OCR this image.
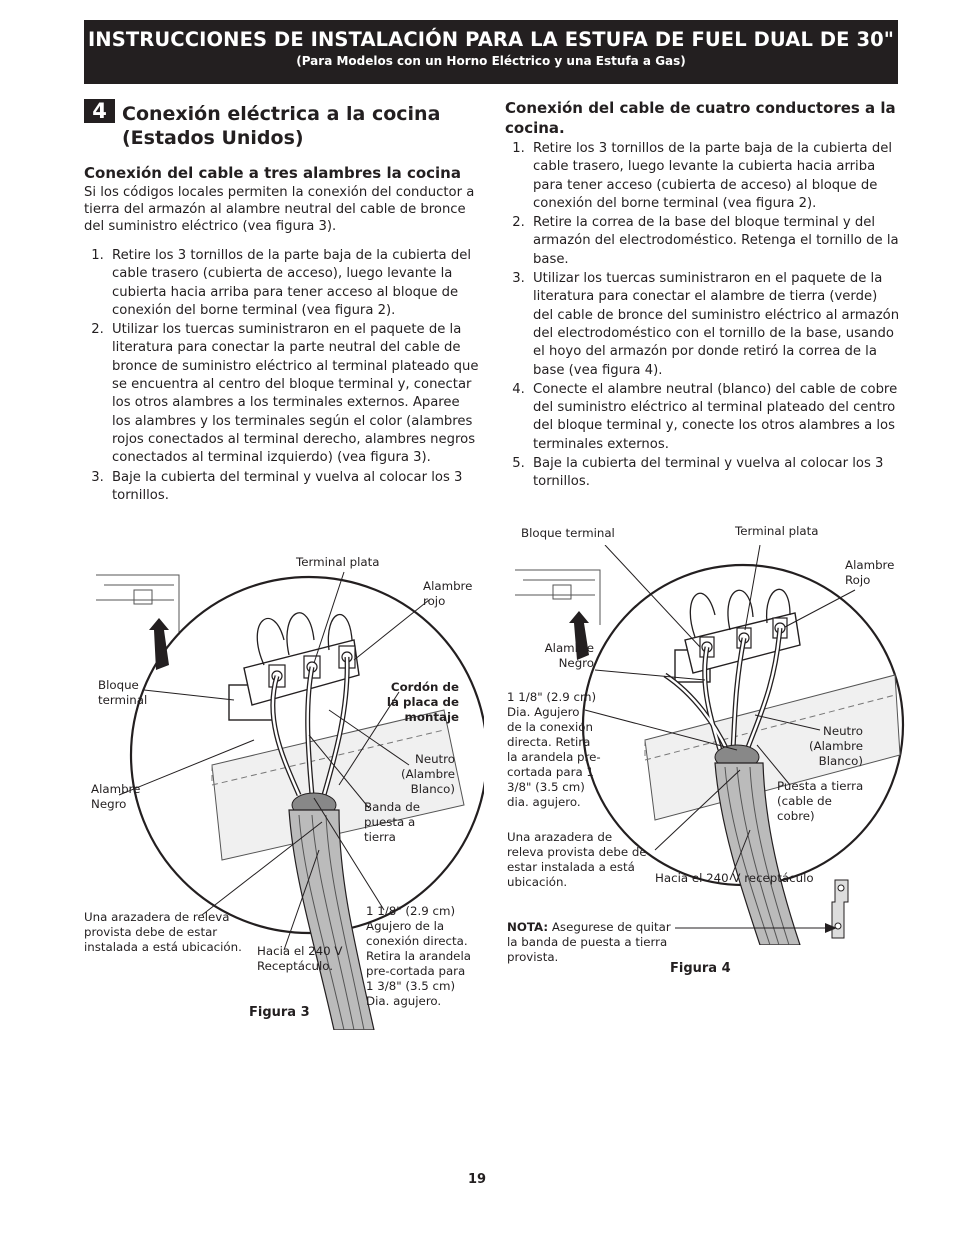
INSTRUCCIONES DE INSTALACIÓN PARA LA ESTUFA DE FUEL DUAL DE 30"
(Para Modelos con un Horno Eléctrico y una Estufa a Gas)
4 Conexión eléctrica a la cocina
(Estados Unidos)
Conexión del cable a tres alambres la cocina

Si los códigos locales permiten la conexión del conductor a tierra del armazón al alambre neutral del cable de bronce del suministro eléctrico (vea figura 3).

1. Retire los 3 tornillos de la parte baja de la cubierta del cable trasero (cubierta de acceso), luego levante la cubierta hacia arriba para tener acceso al bloque de conexión del borne terminal (vea figura 2).
2. Utilizar los tuercas suministraron en el paquete de la literatura para conectar la parte neutral del cable de bronce de suministro eléctrico al terminal plateado que se encuentra al centro del bloque terminal y, conectar los otros alambres a los terminales externos. Aparee los alambres y los terminales según el color (alambres rojos conectados al terminal derecho, alambres negros conectados al terminal izquierdo) (vea figura 3).
3. Baje la cubierta del terminal y vuelva al colocar los 3 tornillos.
Conexión del cable de cuatro conductores a la cocina.
1. Retire los 3 tornillos de la parte baja de la cubierta del cable trasero, luego levante la cubierta hacia arriba para tener acceso (cubierta de acceso) al bloque de conexión del borne terminal (vea figura 2).
2. Retire la correa de la base del bloque terminal y del armazón del electrodoméstico. Retenga el tornillo de la base.
3. Utilizar los tuercas suministraron en el paquete de la literatura para conectar el alambre de tierra (verde) del cable de bronce del suministro eléctrico al armazón del electrodoméstico con el tornillo de la base, usando el hoyo del armazón por donde retiró la correa de la base (vea figura 4).
4. Conecte el alambre neutral (blanco) del cable de cobre del suministro eléctrico al terminal plateado del centro del bloque terminal y, conecte los otros alambres a los terminales externos.
5. Baje la cubierta del terminal y vuelva al colocar los 3 tornillos.
Terminal plata
Alambre
rojo
Bloque
terminal
Cordón de
la placa de
montaje
Neutro
(Alambre
Blanco)
Alambre
Negro	Banda de
puesta a
tierra
Una arazadera de releva
provista debe de estar
instalada a está ubicación. Hacia el 240 V
Receptáculo.
1 1/8" (2.9 cm)
Agujero de la
conexión directa.
Retira la arandela
pre-cortada para
1 3/8" (3.5 cm)
Dia. agujero.
Figura 3
Bloque terminal	Terminal plata
Alambre
Rojo
Alambre
Negro
1 1/8" (2.9 cm)
Dia. Agujero
de la conexión
directa. Retira
la arandela pre-
cortada para 1
3/8" (3.5 cm)
dia. agujero.
Neutro
(Alambre
Blanco)
Puesta a tierra
(cable de
cobre)
Una arazadera de
releva provista debe de
estar instalada a está
ubicación.	Hacia el 240 V receptáculo
NOTA: Asegurese de quitar
la banda de puesta a tierra
provista.
Figura 4
19
